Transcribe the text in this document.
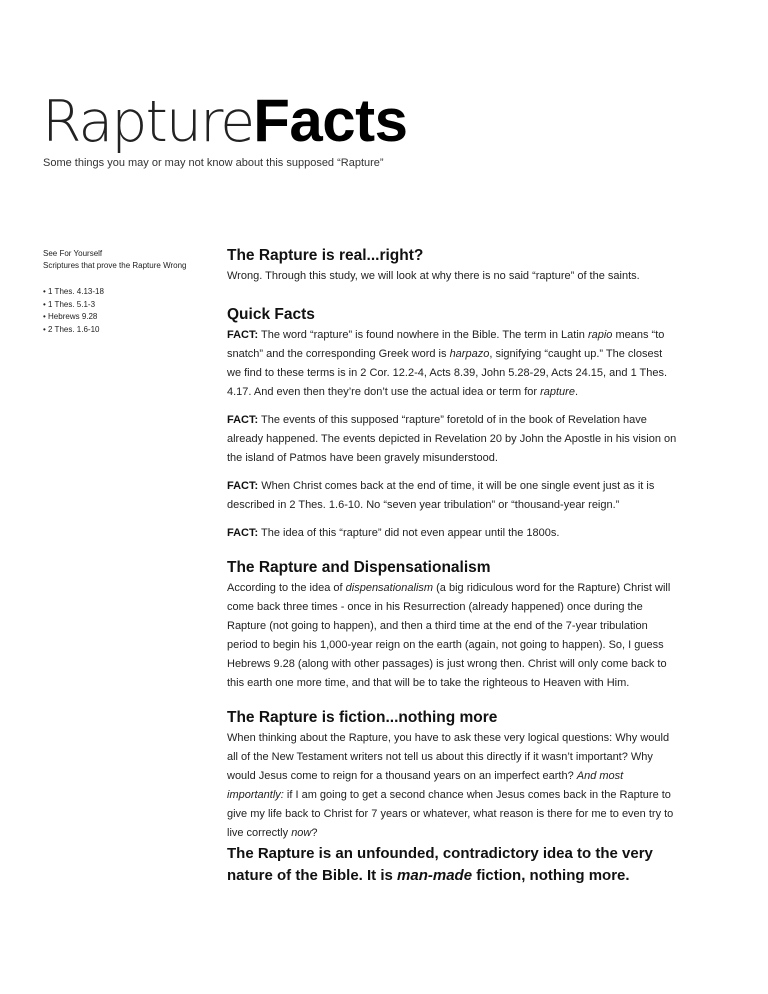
RaptureFacts
Some things you may or may not know about this supposed “Rapture”
See For Yourself
Scriptures that prove the Rapture Wrong
• 1 Thes. 4.13-18
• 1 Thes. 5.1-3
• Hebrews 9.28
• 2 Thes. 1.6-10
The Rapture is real...right?

Wrong. Through this study, we will look at why there is no said “rapture” of the saints.

Quick Facts

FACT: The word “rapture” is found nowhere in the Bible. The term in Latin rapio means “to snatch” and the corresponding Greek word is harpazo, signifying “caught up.” The closest we find to these terms is in 2 Cor. 12.2-4, Acts 8.39, John 5.28-29, Acts 24.15, and 1 Thes. 4.17. And even then they’re don’t use the actual idea or term for rapture.

FACT: The events of this supposed “rapture” foretold of in the book of Revelation have already happened. The events depicted in Revelation 20 by John the Apostle in his vision on the island of Patmos have been gravely misunderstood.

FACT: When Christ comes back at the end of time, it will be one single event just as it is described in 2 Thes. 1.6-10. No “seven year tribulation” or “thousand-year reign.”

FACT: The idea of this “rapture” did not even appear until the 1800s.

The Rapture and Dispensationalism

According to the idea of dispensationalism (a big ridiculous word for the Rapture) Christ will come back three times - once in his Resurrection (already happened) once during the Rapture (not going to happen), and then a third time at the end of the 7-year tribulation period to begin his 1,000-year reign on the earth (again, not going to happen). So, I guess Hebrews 9.28 (along with other passages) is just wrong then. Christ will only come back to this earth one more time, and that will be to take the righteous to Heaven with Him.

The Rapture is fiction...nothing more

When thinking about the Rapture, you have to ask these very logical questions: Why would all of the New Testament writers not tell us about this directly if it wasn’t important? Why would Jesus come to reign for a thousand years on an imperfect earth? And most importantly: if I am going to get a second chance when Jesus comes back in the Rapture to give my life back to Christ for 7 years or whatever, what reason is there for me to even try to live correctly now?

The Rapture is an unfounded, contradictory idea to the very nature of the Bible. It is man-made fiction, nothing more.
